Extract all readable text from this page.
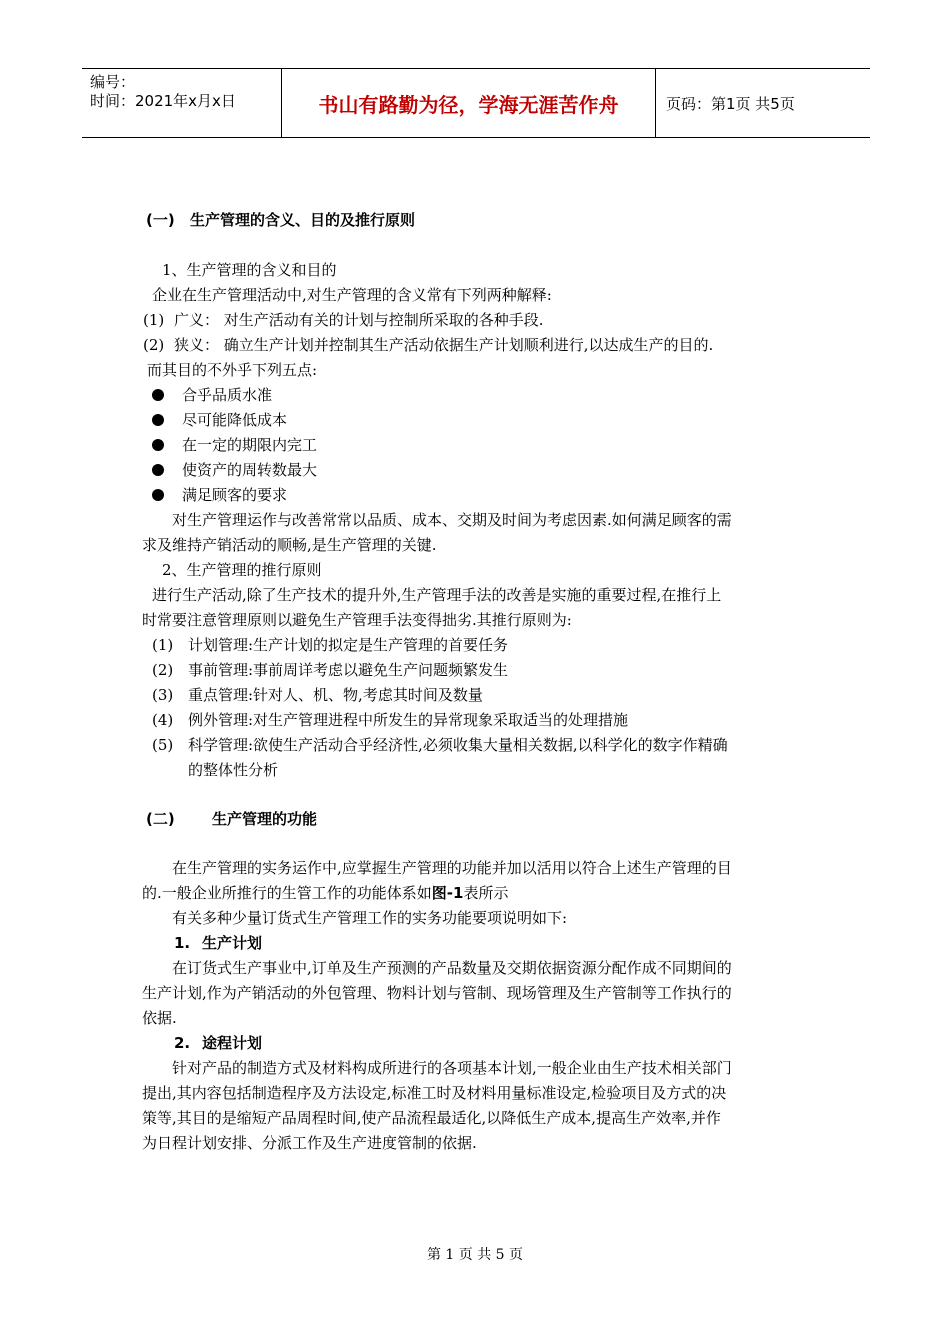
编号：
时间：2021年x月x日	书山有路勤为径，学海无涯苦作舟	页码：第1页 共5页
(一) 生产管理的含义、目的及推行原则
1、生产管理的含义和目的
企业在生产管理活动中,对生产管理的含义常有下列两种解释:
(1) 广义： 对生产活动有关的计划与控制所采取的各种手段.
(2) 狭义： 确立生产计划并控制其生产活动依据生产计划顺利进行,以达成生产的目的.
而其目的不外乎下列五点:
合乎品质水准
尽可能降低成本
在一定的期限内完工
使资产的周转数最大
满足顾客的要求
对生产管理运作与改善常常以品质、成本、交期及时间为考虑因素.如何满足顾客的需
求及维持产销活动的顺畅,是生产管理的关键.
2、生产管理的推行原则
进行生产活动,除了生产技术的提升外,生产管理手法的改善是实施的重要过程,在推行上
时常要注意管理原则以避免生产管理手法变得拙劣.其推行原则为:
(1) 计划管理:生产计划的拟定是生产管理的首要任务
(2) 事前管理:事前周详考虑以避免生产问题频繁发生
(3) 重点管理:针对人、机、物,考虑其时间及数量
(4) 例外管理:对生产管理进程中所发生的异常现象采取适当的处理措施
(5) 科学管理:欲使生产活动合乎经济性,必须收集大量相关数据,以科学化的数字作精确
的整体性分析
(二) 生产管理的功能
在生产管理的实务运作中,应掌握生产管理的功能并加以活用以符合上述生产管理的目
的.一般企业所推行的生管工作的功能体系如图-1表所示
有关多种少量订货式生产管理工作的实务功能要项说明如下:
1. 生产计划
在订货式生产事业中,订单及生产预测的产品数量及交期依据资源分配作成不同期间的
生产计划,作为产销活动的外包管理、物料计划与管制、现场管理及生产管制等工作执行的
依据.
2. 途程计划
针对产品的制造方式及材料构成所进行的各项基本计划,一般企业由生产技术相关部门
提出,其内容包括制造程序及方法设定,标准工时及材料用量标准设定,检验项目及方式的决
策等,其目的是缩短产品周程时间,使产品流程最适化,以降低生产成本,提高生产效率,并作
为日程计划安排、分派工作及生产进度管制的依据.
第 1 页 共 5 页
